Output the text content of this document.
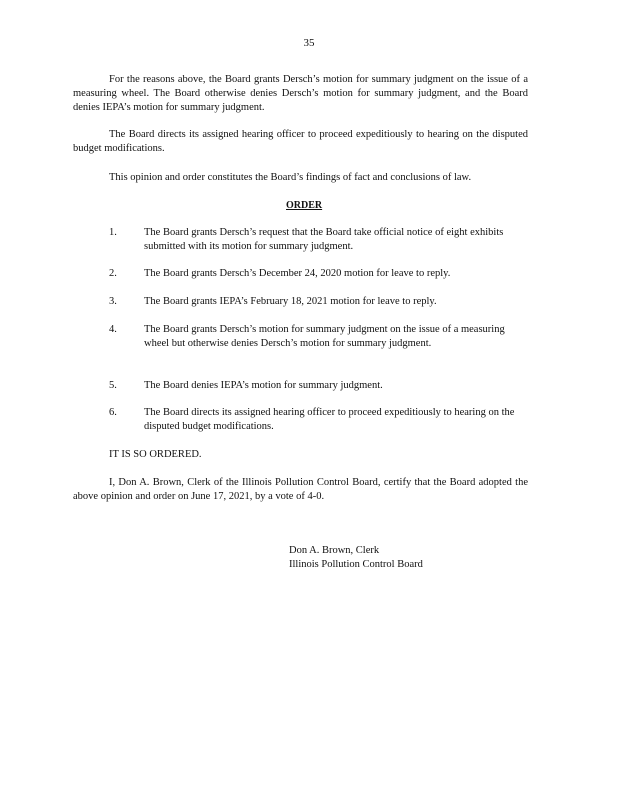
35

For the reasons above, the Board grants Dersch’s motion for summary judgment on the issue of a measuring wheel. The Board otherwise denies Dersch’s motion for summary judgment, and the Board denies IEPA’s motion for summary judgment.

The Board directs its assigned hearing officer to proceed expeditiously to hearing on the disputed budget modifications.

This opinion and order constitutes the Board’s findings of fact and conclusions of law.

ORDER
1.	The Board grants Dersch’s request that the Board take official notice of eight exhibits submitted with its motion for summary judgment.
2.	The Board grants Dersch’s December 24, 2020 motion for leave to reply.
3.	The Board grants IEPA’s February 18, 2021 motion for leave to reply.
4.	The Board grants Dersch’s motion for summary judgment on the issue of a measuring wheel but otherwise denies Dersch’s motion for summary judgment.
5.	The Board denies IEPA’s motion for summary judgment.
6.	The Board directs its assigned hearing officer to proceed expeditiously to hearing on the disputed budget modifications.

IT IS SO ORDERED.

I, Don A. Brown, Clerk of the Illinois Pollution Control Board, certify that the Board adopted the above opinion and order on June 17, 2021, by a vote of 4-0.

Don A. Brown, Clerk
Illinois Pollution Control Board
